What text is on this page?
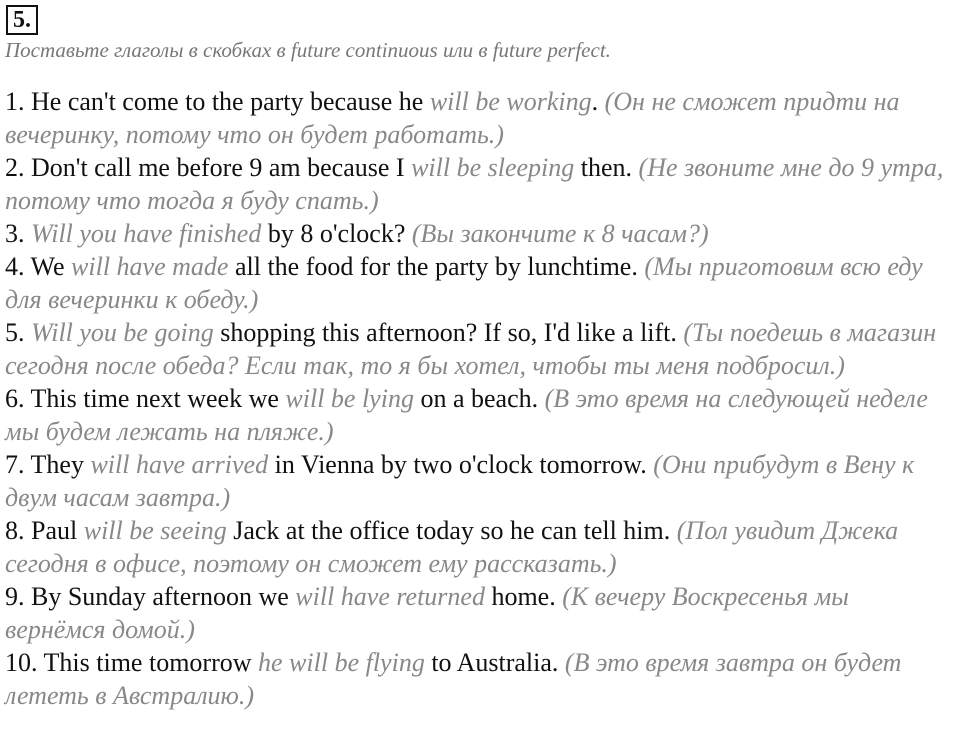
5.
Поставьте глаголы в скобках в future continuous или в future perfect.

1. He can't come to the party because he will be working. (Он не сможет придти на вечеринку, потому что он будет работать.)

2. Don't call me before 9 am because I will be sleeping then. (Не звоните мне до 9 утра, потому что тогда я буду спать.)

3. Will you have finished by 8 o'clock? (Вы закончите к 8 часам?)

4. We will have made all the food for the party by lunchtime. (Мы приготовим всю еду для вечеринки к обеду.)

5. Will you be going shopping this afternoon? If so, I'd like a lift. (Ты поедешь в магазин сегодня после обеда? Если так, то я бы хотел, чтобы ты меня подбросил.)

6. This time next week we will be lying on a beach. (В это время на следующей неделе мы будем лежать на пляже.)

7. They will have arrived in Vienna by two o'clock tomorrow. (Они прибудут в Вену к двум часам завтра.)

8. Paul will be seeing Jack at the office today so he can tell him. (Пол увидит Джека сегодня в офисе, поэтому он сможет ему рассказать.)

9. By Sunday afternoon we will have returned home. (К вечеру Воскресенья мы вернёмся домой.)

10. This time tomorrow he will be flying to Australia. (В это время завтра он будет лететь в Австралию.)
